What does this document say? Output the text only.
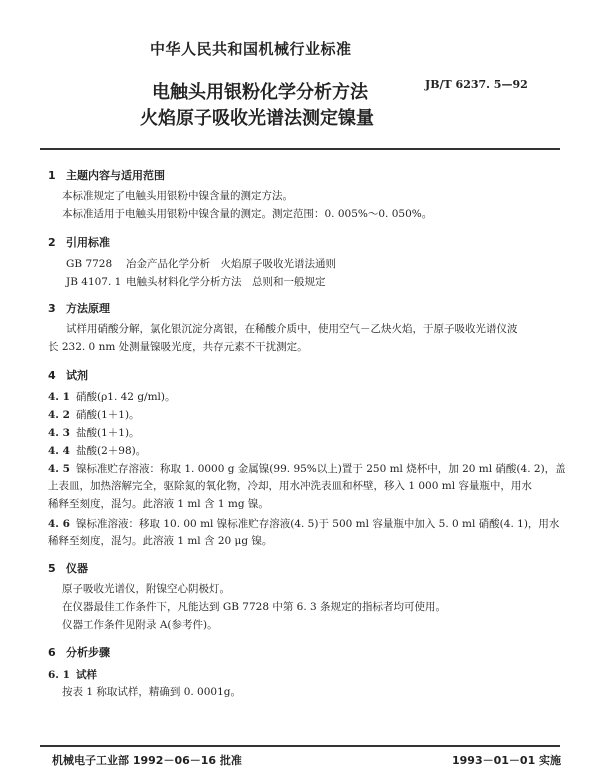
中华人民共和国机械行业标准
电触头用银粉化学分析方法
火焰原子吸收光谱法测定镍量
JB/T 6237. 5—92
1 主题内容与适用范围
本标准规定了电触头用银粉中镍含量的测定方法。
本标准适用于电触头用银粉中镍含量的测定。测定范围：0. 005%～0. 050%。
2 引用标准
GB 7728 冶金产品化学分析　火焰原子吸收光谱法通则
JB 4107. 1 电触头材料化学分析方法　总则和一般规定
3 方法原理
试样用硝酸分解，氯化银沉淀分离银，在稀酸介质中，使用空气－乙炔火焰，于原子吸收光谱仪波
长 232. 0 nm 处测量镍吸光度，共存元素不干扰测定。
4 试剂
4. 1 硝酸(ρ1. 42 g/ml)。
4. 2 硝酸(1＋1)。
4. 3 盐酸(1＋1)。
4. 4 盐酸(2＋98)。
4. 5 镍标准贮存溶液：称取 1. 0000 g 金属镍(99. 95%以上)置于 250 ml 烧杯中，加 20 ml 硝酸(4. 2)，盖
上表皿，加热溶解完全，驱除氮的氧化物，冷却，用水冲洗表皿和杯壁，移入 1 000 ml 容量瓶中，用水
稀释至刻度，混匀。此溶液 1 ml 含 1 mg 镍。
4. 6 镍标准溶液：移取 10. 00 ml 镍标准贮存溶液(4. 5)于 500 ml 容量瓶中加入 5. 0 ml 硝酸(4. 1)，用水
稀释至刻度，混匀。此溶液 1 ml 含 20 μg 镍。
5 仪器
原子吸收光谱仪，附镍空心阴极灯。
在仪器最佳工作条件下，凡能达到 GB 7728 中第 6. 3 条规定的指标者均可使用。
仪器工作条件见附录 A(参考件)。
6 分析步骤
6. 1 试样
按表 1 称取试样，精确到 0. 0001g。
机械电子工业部 1992－06－16 批准	1993－01－01 实施
